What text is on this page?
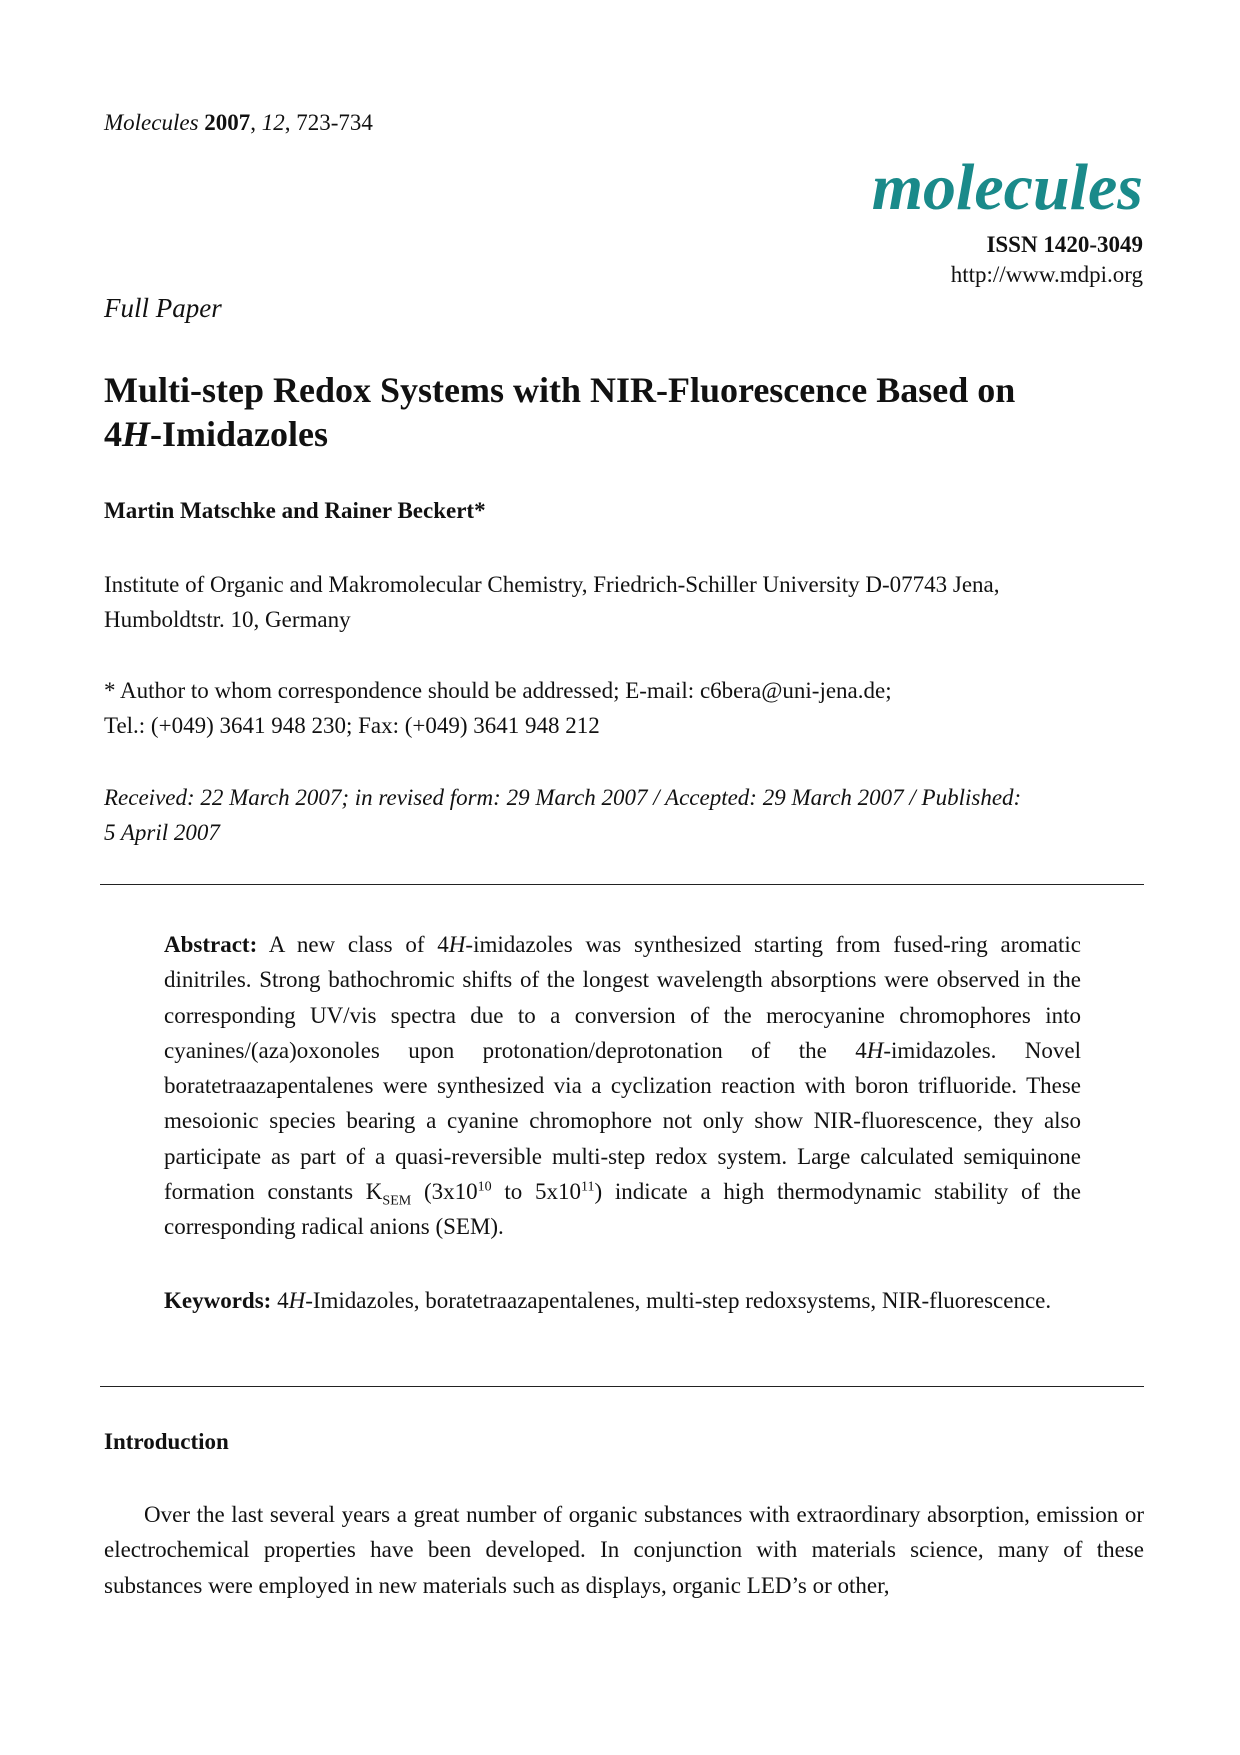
Molecules 2007, 12, 723-734
molecules
ISSN 1420-3049
http://www.mdpi.org
Full Paper
Multi-step Redox Systems with NIR-Fluorescence Based on
4H-Imidazoles
Martin Matschke and Rainer Beckert*
Institute of Organic and Makromolecular Chemistry, Friedrich-Schiller University D-07743 Jena,
Humboldtstr. 10, Germany
* Author to whom correspondence should be addressed; E-mail: c6bera@uni-jena.de;
Tel.: (+049) 3641 948 230; Fax: (+049) 3641 948 212
Received: 22 March 2007; in revised form: 29 March 2007 / Accepted: 29 March 2007 / Published:
5 April 2007
Abstract: A new class of 4H-imidazoles was synthesized starting from fused-ring aromatic dinitriles. Strong bathochromic shifts of the longest wavelength absorptions were observed in the corresponding UV/vis spectra due to a conversion of the merocyanine chromophores into cyanines/(aza)oxonoles upon protonation/deprotonation of the 4H-imidazoles. Novel boratetraazapentalenes were synthesized via a cyclization reaction with boron trifluoride. These mesoionic species bearing a cyanine chromophore not only show NIR-fluorescence, they also participate as part of a quasi-reversible multi-step redox system. Large calculated semiquinone formation constants $K_{SEM}$ ($3x10^{10}$ to $5x10^{11}$) indicate a high thermodynamic stability of the corresponding radical anions (SEM).
Keywords: 4H-Imidazoles, boratetraazapentalenes, multi-step redoxsystems, NIR-fluorescence.
Introduction
Over the last several years a great number of organic substances with extraordinary absorption, emission or electrochemical properties have been developed. In conjunction with materials science, many of these substances were employed in new materials such as displays, organic LED’s or other,
